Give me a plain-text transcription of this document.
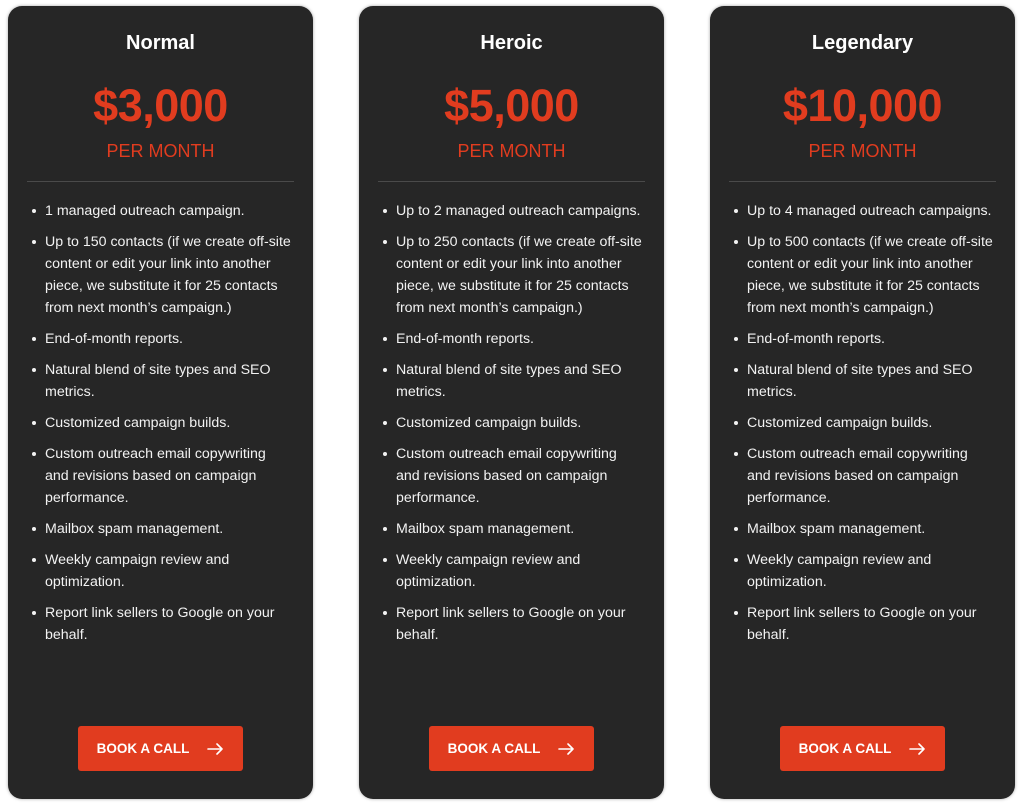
Normal
$3,000
PER MONTH
1 managed outreach campaign.
Up to 150 contacts (if we create off-site content or edit your link into another piece, we substitute it for 25 contacts from next month’s campaign.)
End-of-month reports.
Natural blend of site types and SEO metrics.
Customized campaign builds.
Custom outreach email copywriting and revisions based on campaign performance.
Mailbox spam management.
Weekly campaign review and optimization.
Report link sellers to Google on your behalf.
BOOK A CALL
Heroic
$5,000
PER MONTH
Up to 2 managed outreach campaigns.
Up to 250 contacts (if we create off-site content or edit your link into another piece, we substitute it for 25 contacts from next month’s campaign.)
End-of-month reports.
Natural blend of site types and SEO metrics.
Customized campaign builds.
Custom outreach email copywriting and revisions based on campaign performance.
Mailbox spam management.
Weekly campaign review and optimization.
Report link sellers to Google on your behalf.
BOOK A CALL
Legendary
$10,000
PER MONTH
Up to 4 managed outreach campaigns.
Up to 500 contacts (if we create off-site content or edit your link into another piece, we substitute it for 25 contacts from next month’s campaign.)
End-of-month reports.
Natural blend of site types and SEO metrics.
Customized campaign builds.
Custom outreach email copywriting and revisions based on campaign performance.
Mailbox spam management.
Weekly campaign review and optimization.
Report link sellers to Google on your behalf.
BOOK A CALL
